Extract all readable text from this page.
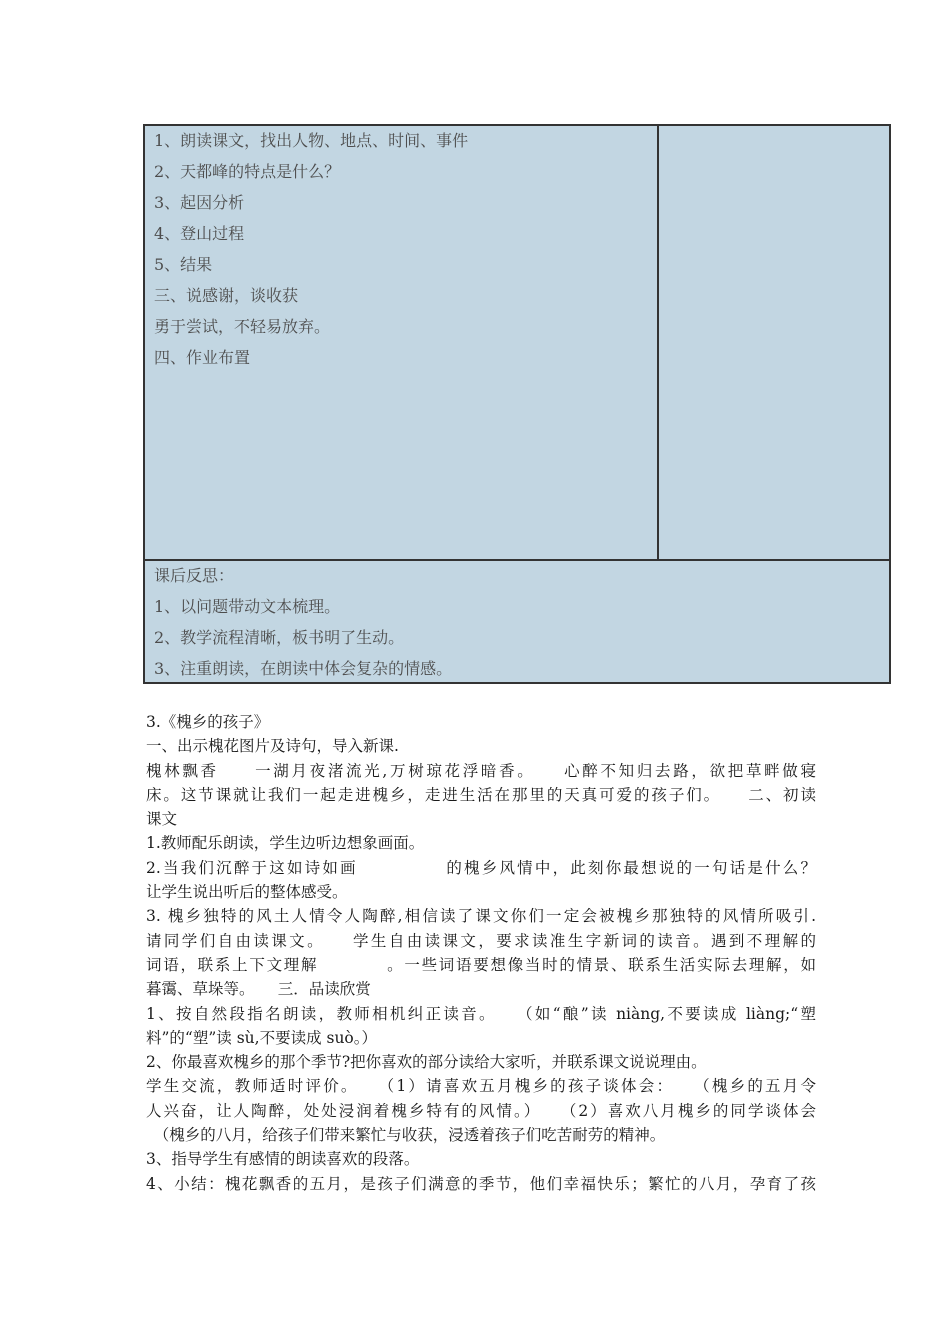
1、朗读课文，找出人物、地点、时间、事件
2、天都峰的特点是什么？
3、起因分析
4、登山过程
5、结果
三、说感谢，谈收获
勇于尝试，不轻易放弃。
四、作业布置
课后反思：
1、以问题带动文本梳理。
2、教学流程清晰，板书明了生动。
3、注重朗读，在朗读中体会复杂的情感。

3.《槐乡的孩子》

一、出示槐花图片及诗句，导入新课.

槐林飘香　　一湖月夜渚流光,万树琼花浮暗香。　　心醉不知归去路，欲把草畔做寝

床。这节课就让我们一起走进槐乡，走进生活在那里的天真可爱的孩子们。　　二、初读

课文

1.教师配乐朗读，学生边听边想象画面。

2.当我们沉醉于这如诗如画　　　　　的槐乡风情中，此刻你最想说的一句话是什么？

让学生说出听后的整体感受。

3. 槐乡独特的风土人情令人陶醉,相信读了课文你们一定会被槐乡那独特的风情所吸引.

请同学们自由读课文。　　学生自由读课文，要求读准生字新词的读音。遇到不理解的

词语，联系上下文理解　　　　。一些词语要想像当时的情景、联系生活实际去理解，如

暮霭、草垛等。　　三．品读欣赏

1、按自然段指名朗读，教师相机纠正读音。　　（如“酿”读 niàng,不要读成 liàng;“塑

料”的“塑”读 sù,不要读成 suò。）

2、你最喜欢槐乡的那个季节?把你喜欢的部分读给大家听，并联系课文说说理由。

学生交流，教师适时评价。　　（1）请喜欢五月槐乡的孩子谈体会：　　（槐乡的五月令

人兴奋，让人陶醉，处处浸润着槐乡特有的风情。）　　（2）喜欢八月槐乡的同学谈体会

　（槐乡的八月，给孩子们带来繁忙与收获，浸透着孩子们吃苦耐劳的精神。

3、指导学生有感情的朗读喜欢的段落。

4、小结：槐花飘香的五月，是孩子们满意的季节，他们幸福快乐；繁忙的八月，孕育了孩
